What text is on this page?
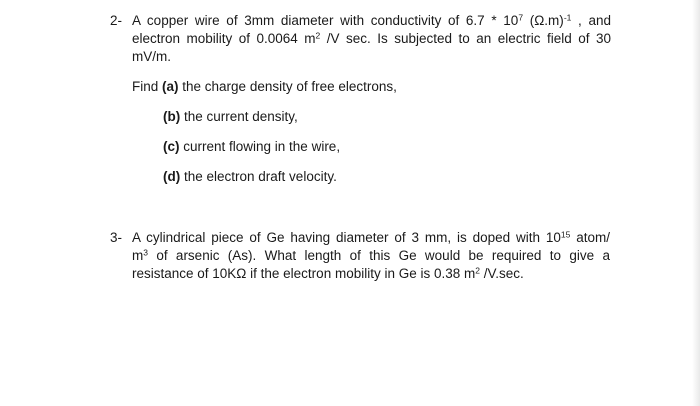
2- A copper wire of 3mm diameter with conductivity of $6.7 * 10^7$ $(\Omega.m)^{-1}$ , and
electron mobility of 0.0064 $m^2$ /V sec. Is subjected to an electric field of 30
mV/m.
Find (a) the charge density of free electrons,
(b) the current density,
(c) current flowing in the wire,
(d) the electron draft velocity.
3- A cylindrical piece of Ge having diameter of 3 mm, is doped with $10^{15}$ atom/
$m^3$ of arsenic (As). What length of this Ge would be required to give a
resistance of 10KΩ if the electron mobility in Ge is 0.38 $m^2$ /V.sec.
